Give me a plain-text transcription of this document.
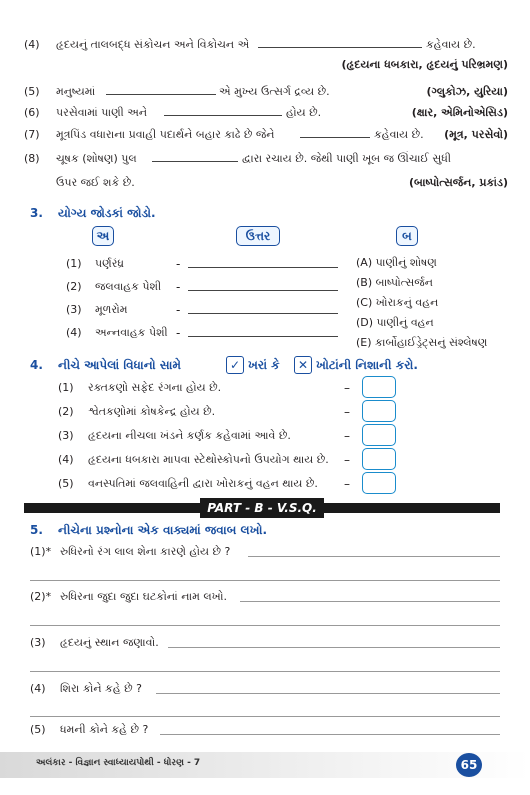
(4) હૃદયનું તાલબદ્ધ સંકોચન અને વિકોચન એ	કહેવાય છે.
(હૃદયના ધબકારા, હૃદયનું પરિભ્રમણ)
(5) મનુષ્યમાં	એ મુખ્ય ઉત્સર્ગ દ્રવ્ય છે.	(ગ્લુકોઝ, યુરિયા)
(6) પરસેવામાં પાણી અને	હોય છે.	(ક્ષાર, એમિનોએસિડ)
(7) મૂત્રપિંડ વધારાના પ્રવાહી પદાર્થને બહાર કાઢે છે જેને	કહેવાય છે. (મૂત્ર, પરસેવો)
(8) ચૂષક (શોષણ) પુલ	દ્વારા રચાય છે. જેથી પાણી ખૂબ જ ઊંચાઈ સુધી
ઉપર જઈ શકે છે.	(બાષ્પોત્સર્જન, પ્રકાંડ)
3. યોગ્ય જોડકાં જોડો.
અ	ઉત્તર	બ
(1) પર્ણરંધ્ર	-	(A) પાણીનું શોષણ
(2) જલવાહક પેશી -	(B) બાષ્પોત્સર્જન
(3) મૂળરોમ	-
(C) ખોરાકનું વહન
(4) અન્નવાહક પેશી -
(D) પાણીનું વહન
(E) કાર્બોહાઈડ્રેટ્સનું સંશ્લેષણ
4. નીચે આપેલાં વિધાનો સામે	✓ ખરાં કે	✕ ખોટાંની નિશાની કરો.
(1) રક્તકણો સફેદ રંગના હોય છે.	–
(2) શ્વેતકણોમાં કોષકેન્દ્ર હોય છે.	–
(3) હૃદયના નીચલા ખંડને કર્ણક કહેવામાં આવે છે.	–
(4) હૃદયના ધબકારા માપવા સ્ટેથોસ્કોપનો ઉપયોગ થાય છે. –
(5) વનસ્પતિમાં જલવાહિની દ્વારા ખોરાકનું વહન થાય છે. –
PART - B - V.S.Q.
5. નીચેના પ્રશ્નોના એક વાક્યમાં જવાબ લખો.
(1)* રુધિરનો રંગ લાલ શેના કારણે હોય છે ?
(2)* રુધિરના જુદા જુદા ઘટકોનાં નામ લખો.
(3) હૃદયનું સ્થાન જણાવો.
(4) શિરા કોને કહે છે ?
(5) ધમની કોને કહે છે ?
અલંકાર - વિજ્ઞાન સ્વાધ્યાયપોથી - ધોરણ - 7	65
